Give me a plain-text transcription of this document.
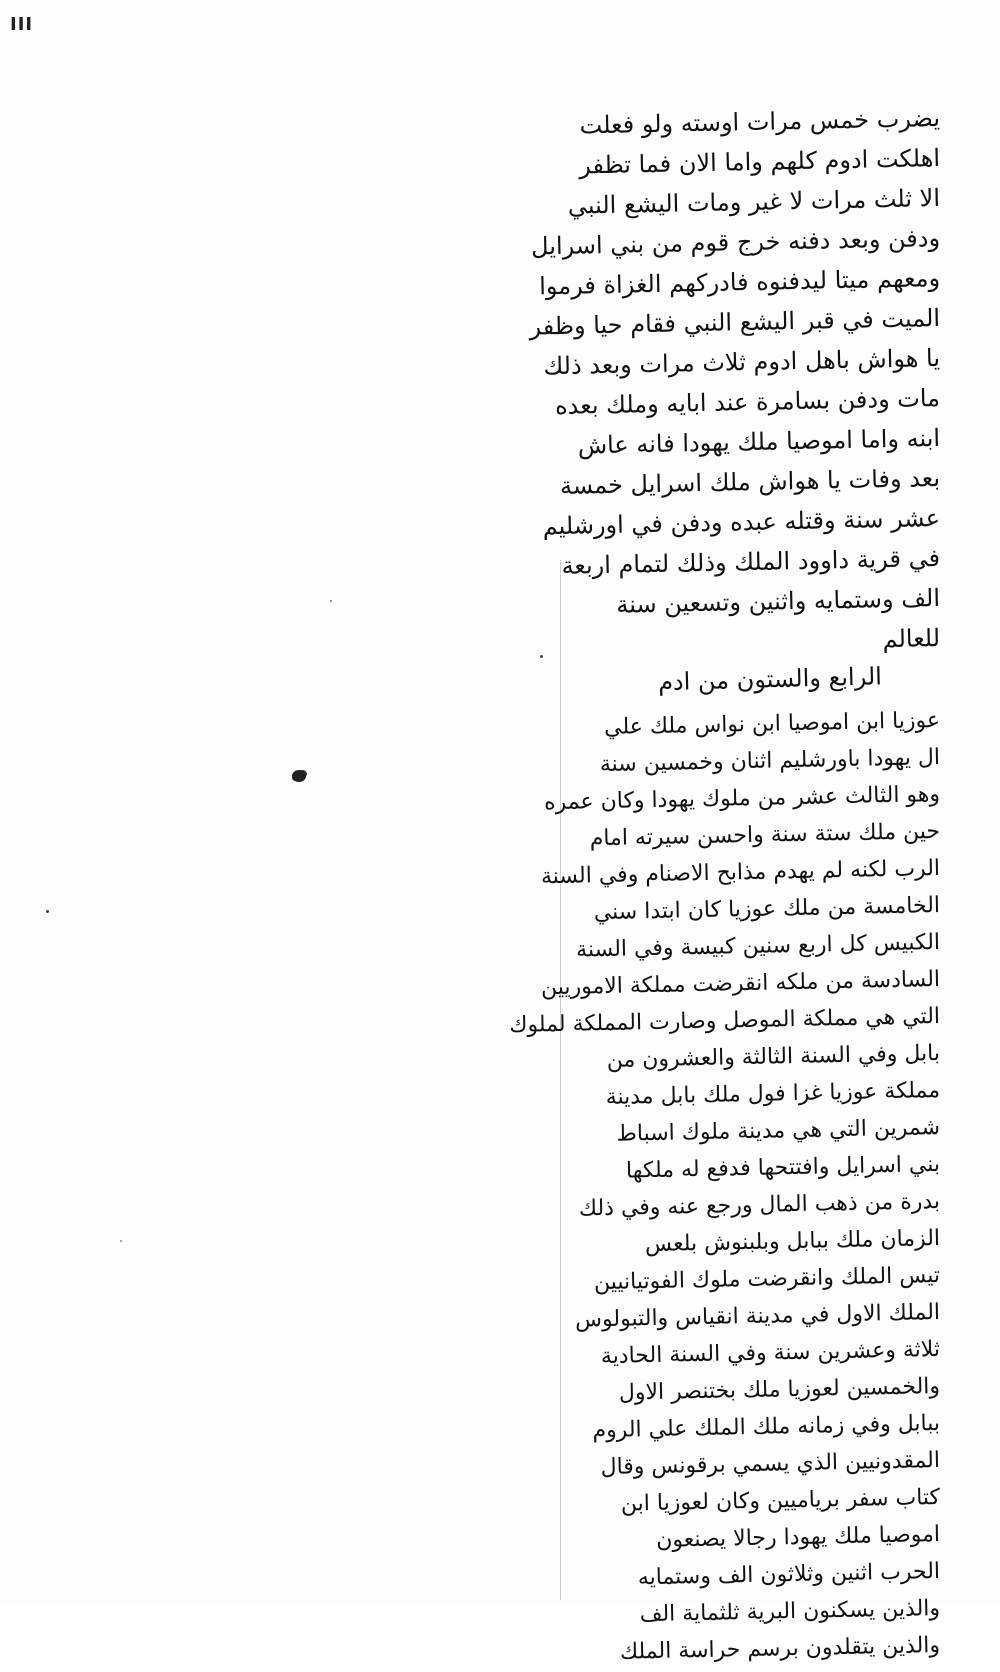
III
يضرب خمس مرات اوسته ولو فعلت
اهلكت ادوم كلهم واما الان فما تظفر
الا ثلث مرات لا غير ومات اليشع النبي
ودفن وبعد دفنه خرج قوم من بني اسرايل
ومعهم ميتا ليدفنوه فادركهم الغزاة فرموا
الميت في قبر اليشع النبي فقام حيا وظفر
يا هواش باهل ادوم ثلاث مرات وبعد ذلك
مات ودفن بسامرة عند ابايه وملك بعده
ابنه واما اموصيا ملك يهودا فانه عاش
بعد وفات يا هواش ملك اسرايل خمسة
عشر سنة وقتله عبده ودفن في اورشليم
في قرية داوود الملك وذلك لتمام اربعة
الف وستمايه واثنين وتسعين سنة
للعالم
الرابع والستون من ادم
عوزيا ابن اموصيا ابن نواس ملك علي
ال يهودا باورشليم اثنان وخمسين سنة
وهو الثالث عشر من ملوك يهودا وكان عمره
حين ملك ستة سنة واحسن سيرته امام
الرب لكنه لم يهدم مذابح الاصنام وفي السنة
الخامسة من ملك عوزيا كان ابتدا سني
الكبيس كل اربع سنين كبيسة وفي السنة
السادسة من ملكه انقرضت مملكة الاموريين
التي هي مملكة الموصل وصارت المملكة لملوك
بابل وفي السنة الثالثة والعشرون من
مملكة عوزيا غزا فول ملك بابل مدينة
شمرين التي هي مدينة ملوك اسباط
بني اسرايل وافتتحها فدفع له ملكها
بدرة من ذهب المال ورجع عنه وفي ذلك
الزمان ملك ببابل وبلبنوش بلعس
تيس الملك وانقرضت ملوك الفوتيانيين
الملك الاول في مدينة انقياس والتبولوس
ثلاثة وعشرين سنة وفي السنة الحادية
والخمسين لعوزيا ملك بختنصر الاول
ببابل وفي زمانه ملك الملك علي الروم
المقدونيين الذي يسمي برقونس وقال
كتاب سفر برياميين وكان لعوزيا ابن
اموصيا ملك يهودا رجالا يصنعون
الحرب اثنين وثلاثون الف وستمايه
والذين يسكنون البرية ثلثماية الف
والذين يتقلدون برسم حراسة الملك
